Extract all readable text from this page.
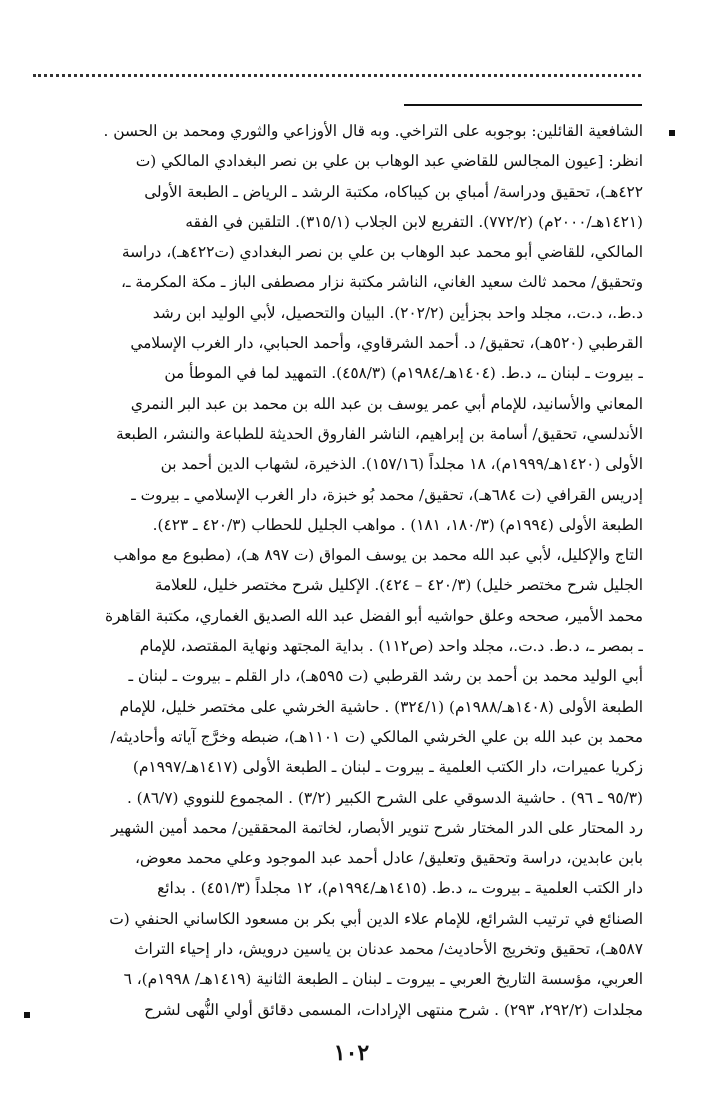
الشافعية القائلين: بوجوبه على التراخي. وبه قال الأوزاعي والثوري ومحمد بن الحسن .
انظر: [عيون المجالس للقاضي عبد الوهاب بن علي بن نصر البغدادي المالكي (ت
٤٢٢هـ)، تحقيق ودراسة/ أمباي بن كيباكاه، مكتبة الرشد ـ الرياض ـ الطبعة الأولى
(١٤٢١هـ/٢٠٠٠م) (٧٧٢/٢). التفريع لابن الجلاب (٣١٥/١). التلقين في الفقه
المالكي، للقاضي أبو محمد عبد الوهاب بن علي بن نصر البغدادي (ت٤٢٢هـ)، دراسة
وتحقيق/ محمد ثالث سعيد الغاني، الناشر مكتبة نزار مصطفى الباز ـ مكة المكرمة ـ،
د.ط.، د.ت.، مجلد واحد بجزأين (٢٠٢/٢). البيان والتحصيل، لأبي الوليد ابن رشد
القرطبي (٥٢٠هـ)، تحقيق/ د. أحمد الشرقاوي، وأحمد الحبابي، دار الغرب الإسلامي
ـ بيروت ـ لبنان ـ، د.ط. (١٤٠٤هـ/١٩٨٤م) (٤٥٨/٣). التمهيد لما في الموطأ من
المعاني والأسانيد، للإمام أبي عمر يوسف بن عبد الله بن محمد بن عبد البر النمري
الأندلسي، تحقيق/ أسامة بن إبراهيم، الناشر الفاروق الحديثة للطباعة والنشر، الطبعة
الأولى (١٤٢٠هـ/١٩٩٩م)، ١٨ مجلداً (١٥٧/١٦). الذخيرة، لشهاب الدين أحمد بن
إدريس القرافي (ت ٦٨٤هـ)، تحقيق/ محمد بُو خبزة، دار الغرب الإسلامي ـ بيروت ـ
الطبعة الأولى (١٩٩٤م) (١٨٠/٣، ١٨١) . مواهب الجليل للحطاب (٤٢٠/٣ ـ ٤٢٣).
التاج والإكليل، لأبي عبد الله محمد بن يوسف المواق (ت ٨٩٧ هـ)، (مطبوع مع مواهب
الجليل شرح مختصر خليل) (٤٢٠/٣ – ٤٢٤). الإكليل شرح مختصر خليل، للعلامة
محمد الأمير، صححه وعلق حواشيه أبو الفضل عبد الله الصديق الغماري، مكتبة القاهرة
ـ بمصر ـ، د.ط. د.ت.، مجلد واحد (ص١١٢) . بداية المجتهد ونهاية المقتصد، للإمام
أبي الوليد محمد بن أحمد بن رشد القرطبي (ت ٥٩٥هـ)، دار القلم ـ بيروت ـ لبنان ـ
الطبعة الأولى (١٤٠٨هـ/١٩٨٨م) (٣٢٤/١) . حاشية الخرشي على مختصر خليل، للإمام
محمد بن عبد الله بن علي الخرشي المالكي (ت ١١٠١هـ)، ضبطه وخرَّج آياته وأحاديثه/
زكريا عميرات، دار الكتب العلمية ـ بيروت ـ لبنان ـ الطبعة الأولى (١٤١٧هـ/١٩٩٧م)
(٩٥/٣ ـ ٩٦) . حاشية الدسوقي على الشرح الكبير (٣/٢) . المجموع للنووي (٨٦/٧) .
رد المحتار على الدر المختار شرح تنوير الأبصار، لخاتمة المحققين/ محمد أمين الشهير
بابن عابدين، دراسة وتحقيق وتعليق/ عادل أحمد عبد الموجود وعلي محمد معوض،
دار الكتب العلمية ـ بيروت ـ، د.ط. (١٤١٥هـ/١٩٩٤م)، ١٢ مجلداً (٤٥١/٣) . بدائع
الصنائع في ترتيب الشرائع، للإمام علاء الدين أبي بكر بن مسعود الكاساني الحنفي (ت
٥٨٧هـ)، تحقيق وتخريج الأحاديث/ محمد عدنان بن ياسين درويش، دار إحياء التراث
العربي، مؤسسة التاريخ العربي ـ بيروت ـ لبنان ـ الطبعة الثانية (١٤١٩هـ/ ١٩٩٨م)، ٦
مجلدات (٢٩٢/٢، ٢٩٣) . شرح منتهى الإرادات، المسمى دقائق أولي النُّهى لشرح
١٠٢
